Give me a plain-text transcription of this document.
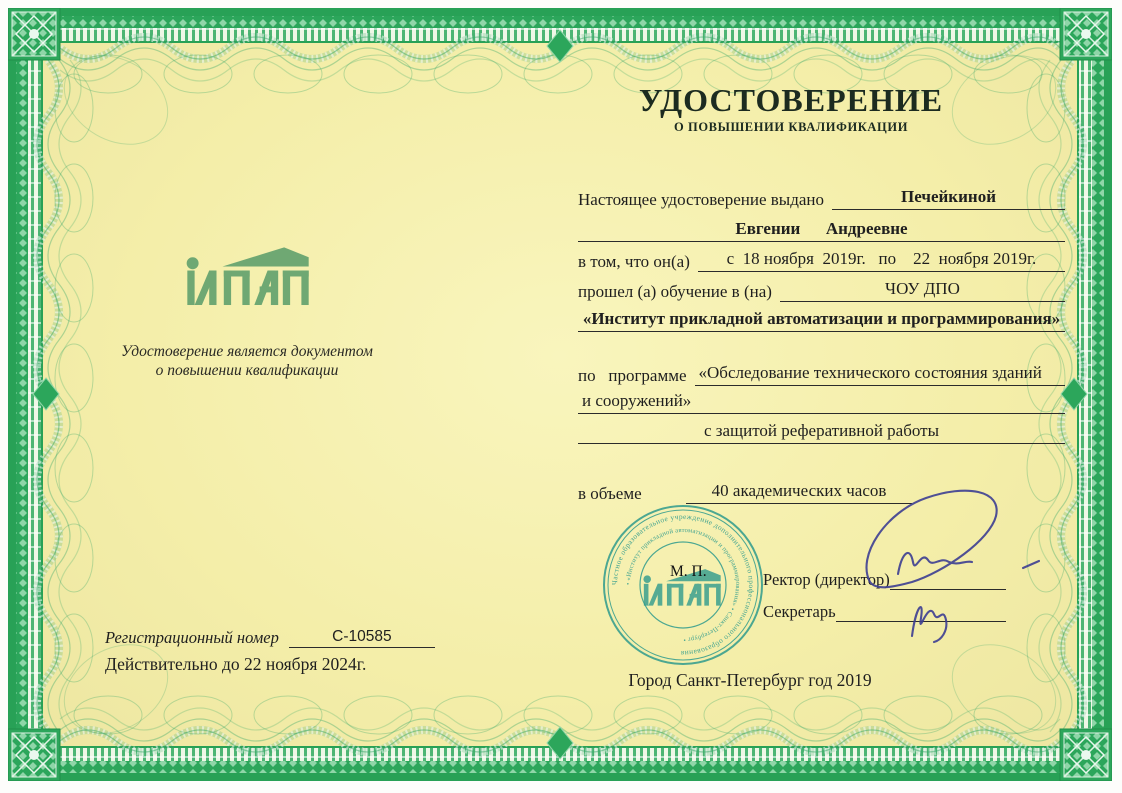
Удостоверение является документом
о повышении квалификации
Регистрационный номер	С-10585
Действительно до 22 ноября 2024г.
УДОСТОВЕРЕНИЕ
О ПОВЫШЕНИИ КВАЛИФИКАЦИИ
Настоящее удостоверение выдано	Печейкиной
Евгении      Андреевне
в том, что он(а)	с  18 ноября  2019г.   по    22  ноября 2019г.
прошел (а) обучение в (на)	ЧОУ ДПО
«Институт прикладной автоматизации и программирования»
по   программе «Обследование технического состояния зданий
и сооружений»
с защитой реферативной работы
в объеме	40 академических часов
Частное образовательное учреждение дополнительного профессионального образования
• «Институт прикладной автоматизации и программирования» • Санкт-Петербург •
М. П.	Ректор (директор)
Секретарь
Город Санкт-Петербург год 2019
